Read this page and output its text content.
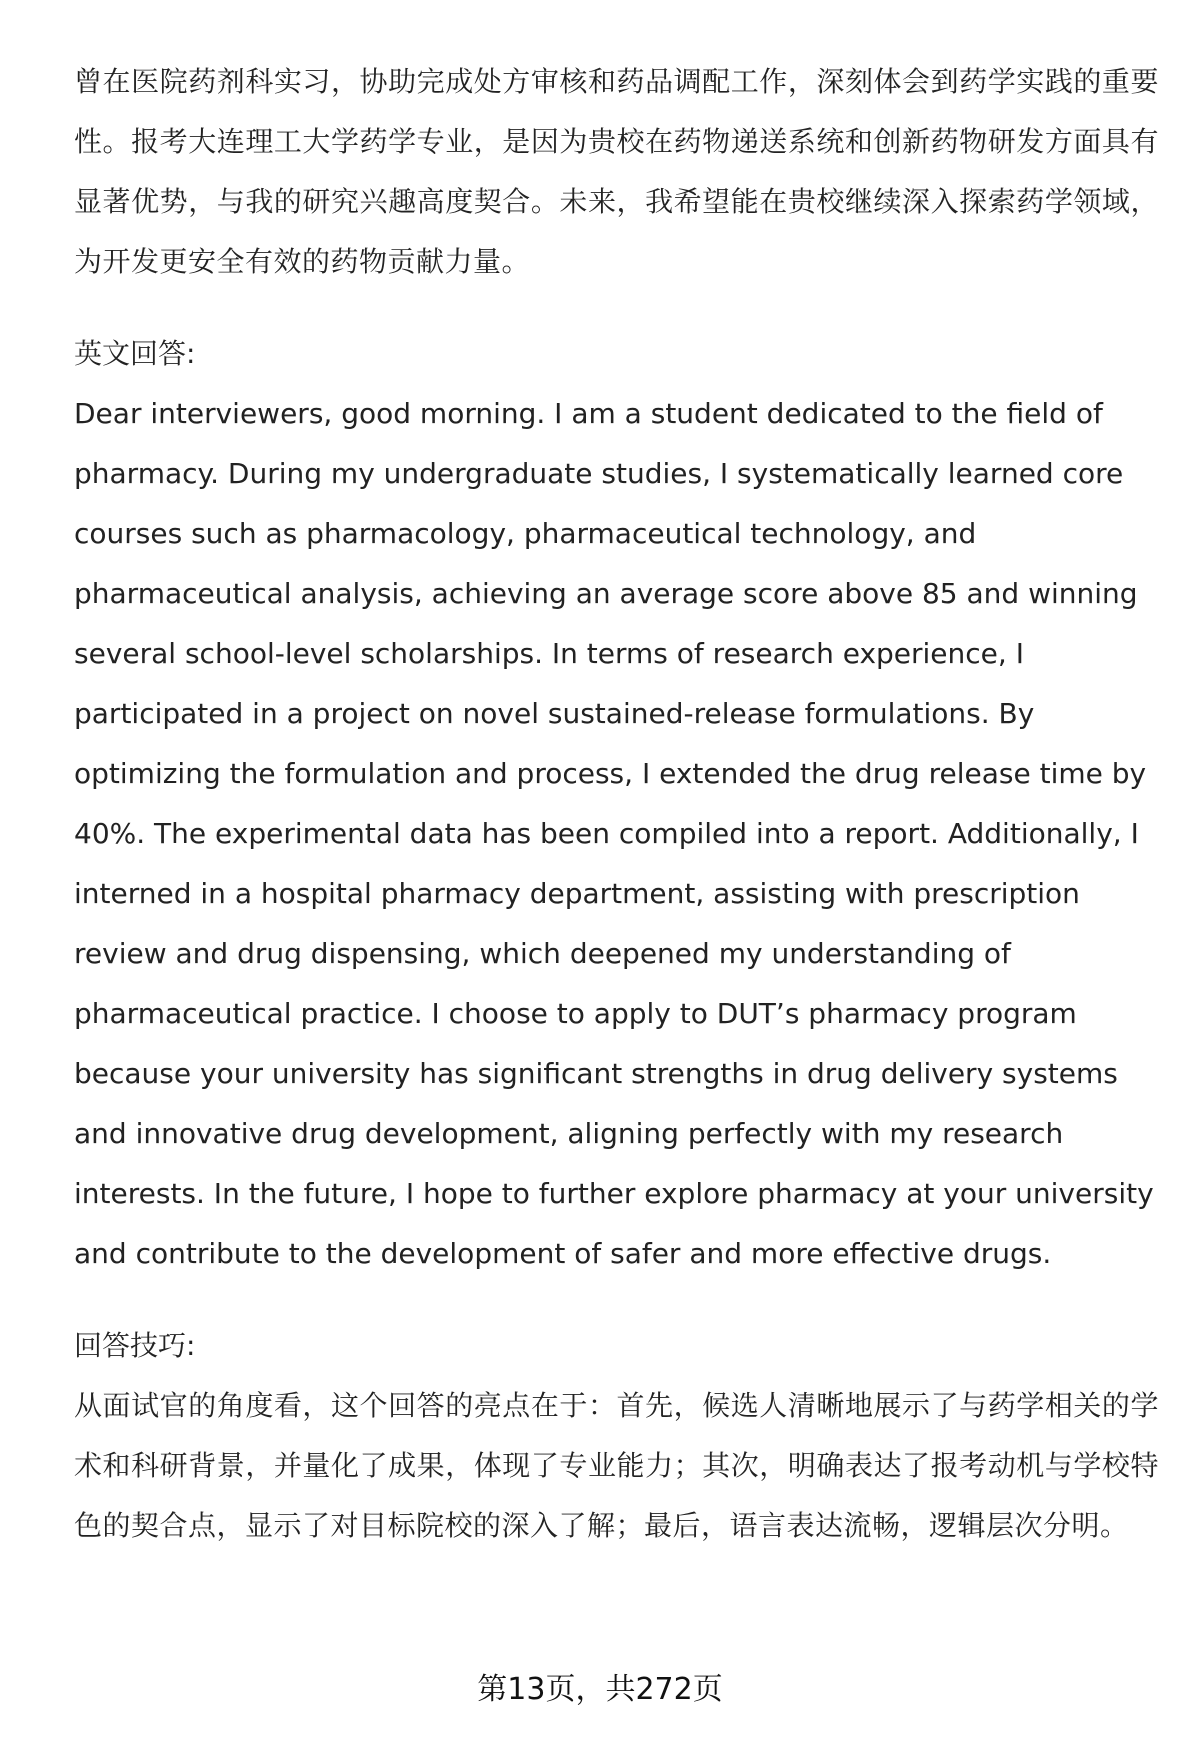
​

曾在医院药剂科实习，协助完成处方审核和药品调配工作，深刻体会到药学实践的重要性。报考大连理工大学药学专业，是因为贵校在药物递送系统和创新药物研发方面具有显著优势，与我的研究兴趣高度契合。未来，我希望能在贵校继续深入探索药学领域，为开发更安全有效的药物贡献力量。

英文回答:

Dear interviewers, good morning. I am a student dedicated to the field of pharmacy. During my undergraduate studies, I systematically learned core courses such as pharmacology, pharmaceutical technology, and pharmaceutical analysis, achieving an average score above 85 and winning several school-level scholarships. In terms of research experience, I participated in a project on novel sustained-release formulations. By optimizing the formulation and process, I extended the drug release time by 40%. The experimental data has been compiled into a report. Additionally, I interned in a hospital pharmacy department, assisting with prescription review and drug dispensing, which deepened my understanding of pharmaceutical practice. I choose to apply to DUT’s pharmacy program because your university has significant strengths in drug delivery systems and innovative drug development, aligning perfectly with my research interests. In the future, I hope to further explore pharmacy at your university and contribute to the development of safer and more effective drugs.

回答技巧:

从面试官的角度看，这个回答的亮点在于：首先，候选人清晰地展示了与药学相关的学术和科研背景，并量化了成果，体现了专业能力；其次，明确表达了报考动机与学校特色的契合点，显示了对目标院校的深入了解；最后，语言表达流畅，逻辑层次分明。

第13页，共272页
